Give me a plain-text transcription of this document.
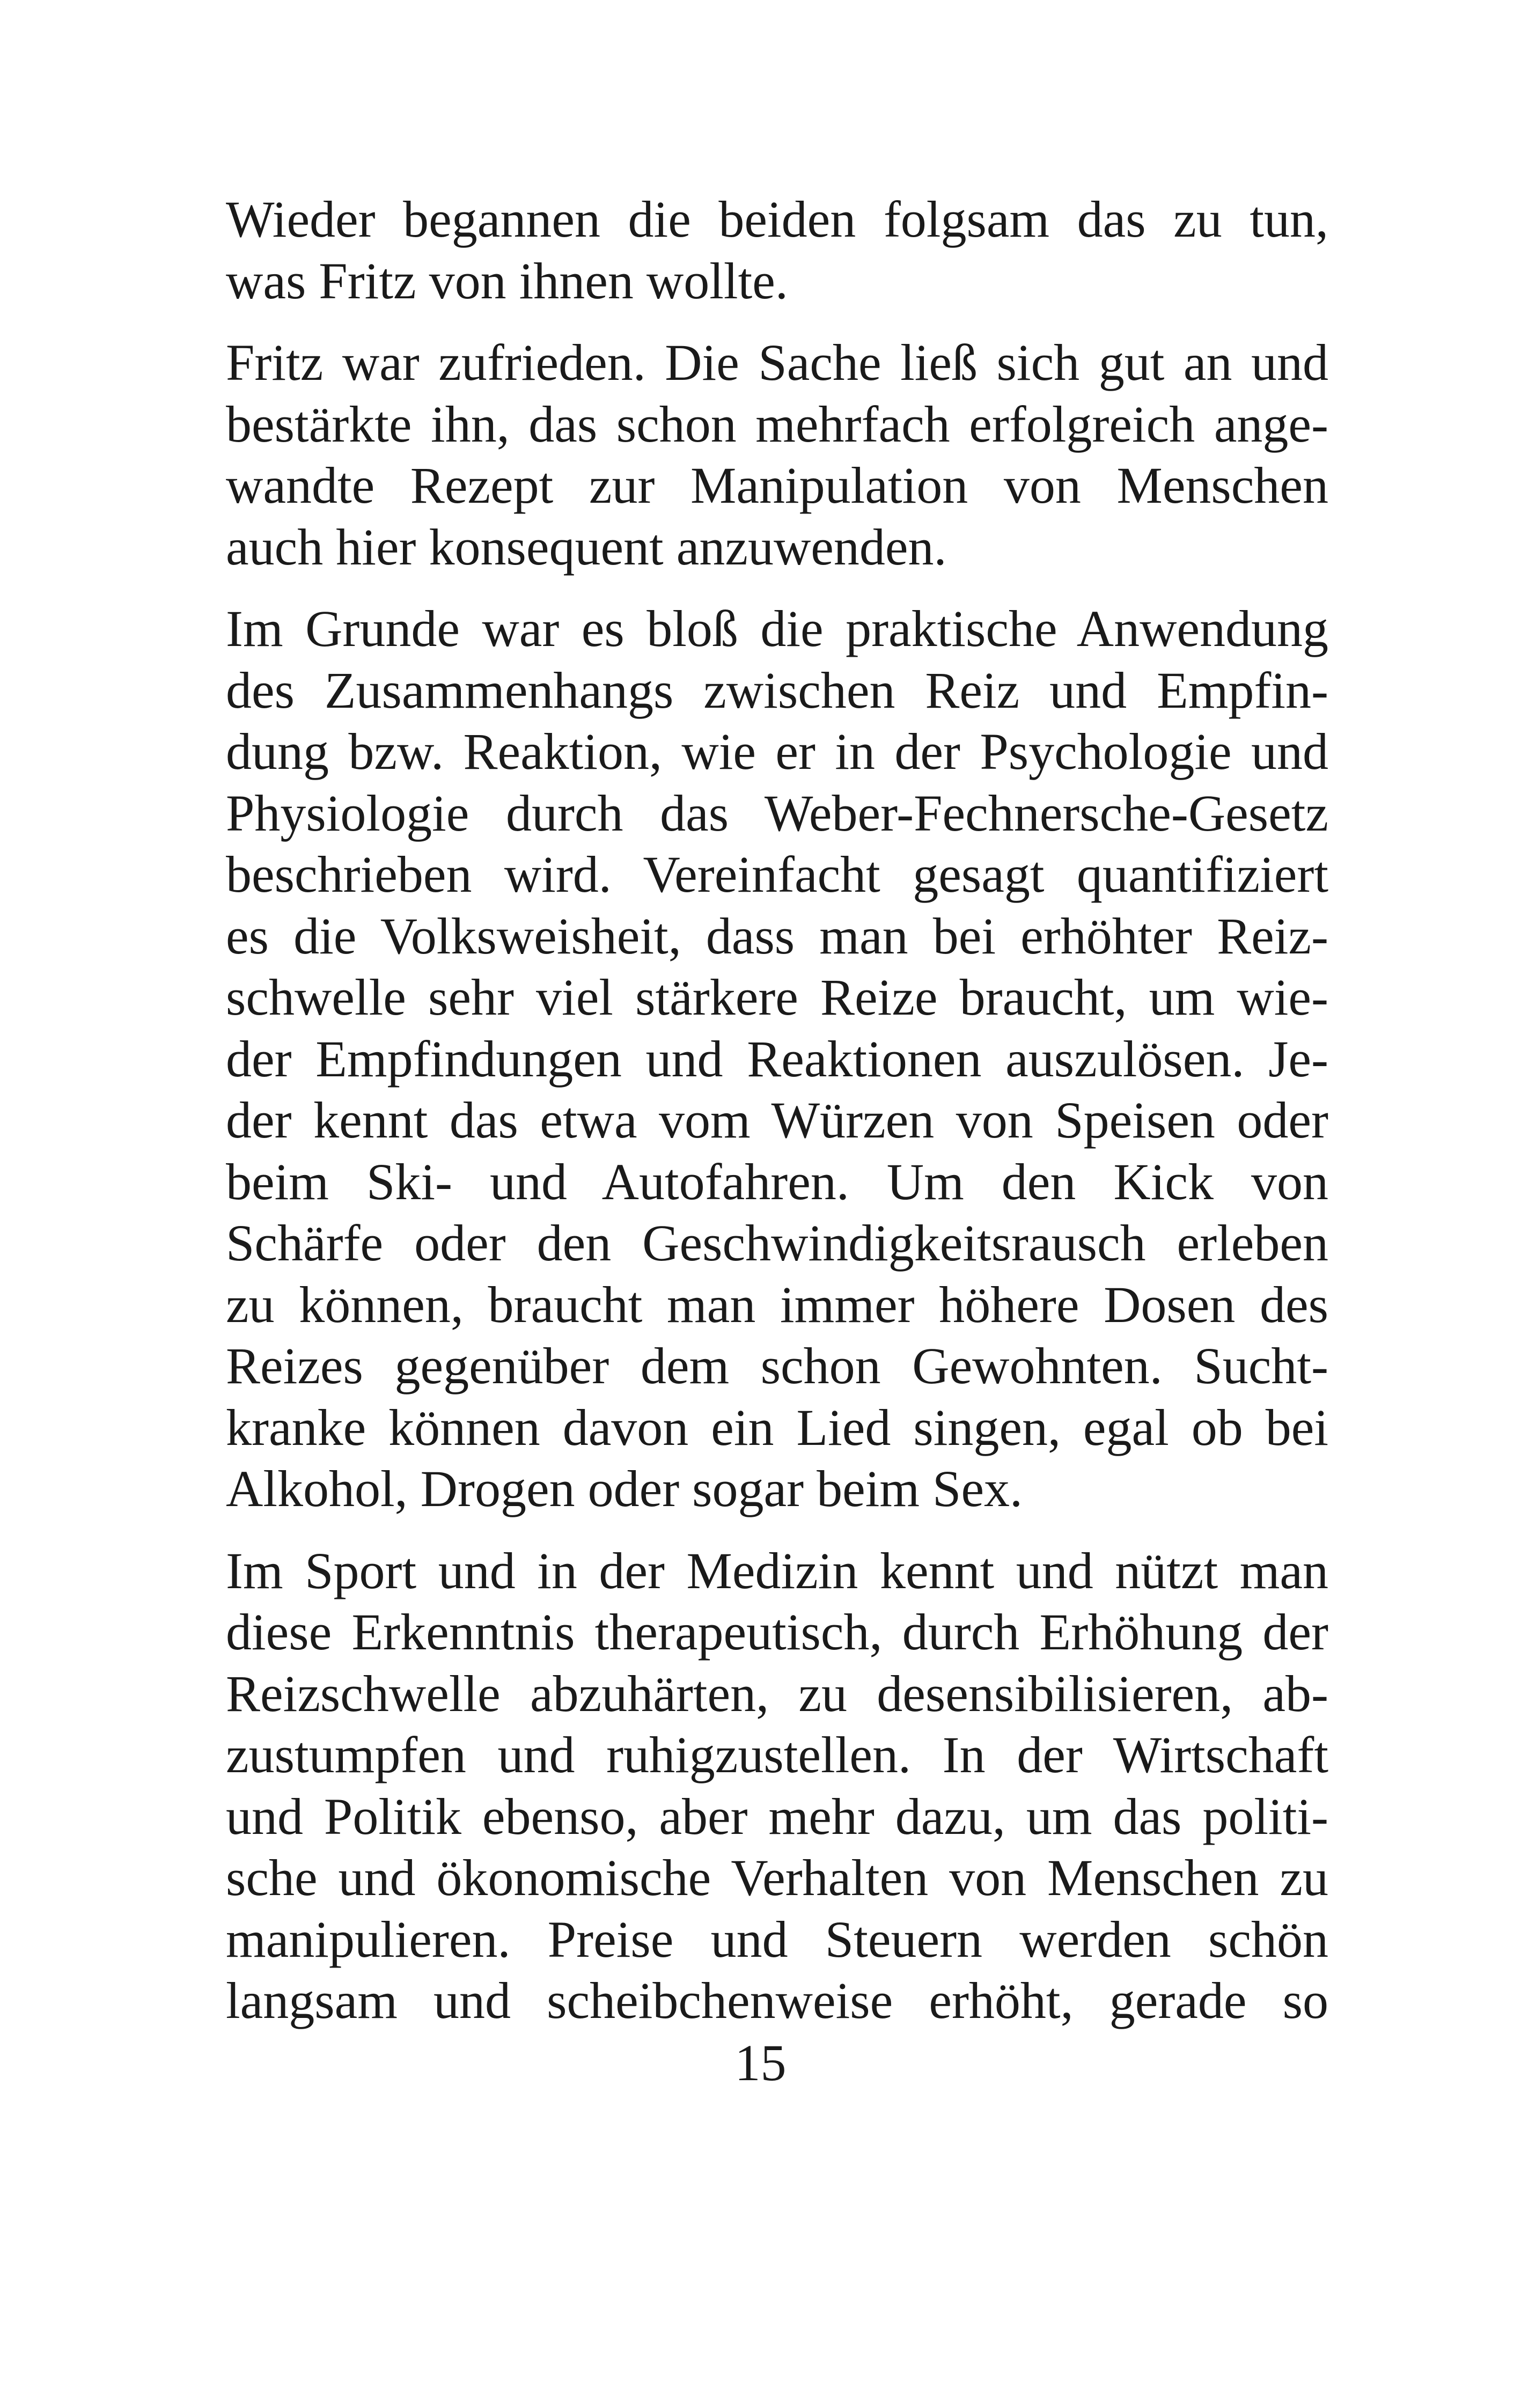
Wieder begannen die beiden folgsam das zu tun,
was Fritz von ihnen wollte.

Fritz war zufrieden. Die Sache ließ sich gut an und
bestärkte ihn, das schon mehrfach erfolgreich ange-
wandte Rezept zur Manipulation von Menschen
auch hier konsequent anzuwenden.

Im Grunde war es bloß die praktische Anwendung
des Zusammenhangs zwischen Reiz und Empfin-
dung bzw. Reaktion, wie er in der Psychologie und
Physiologie durch das Weber-Fechnersche-Gesetz
beschrieben wird. Vereinfacht gesagt quantifiziert
es die Volksweisheit, dass man bei erhöhter Reiz-
schwelle sehr viel stärkere Reize braucht, um wie-
der Empfindungen und Reaktionen auszulösen. Je-
der kennt das etwa vom Würzen von Speisen oder
beim Ski- und Autofahren. Um den Kick von
Schärfe oder den Geschwindigkeitsrausch erleben
zu können, braucht man immer höhere Dosen des
Reizes gegenüber dem schon Gewohnten. Sucht-
kranke können davon ein Lied singen, egal ob bei
Alkohol, Drogen oder sogar beim Sex.

Im Sport und in der Medizin kennt und nützt man
diese Erkenntnis therapeutisch, durch Erhöhung der
Reizschwelle abzuhärten, zu desensibilisieren, ab-
zustumpfen und ruhigzustellen. In der Wirtschaft
und Politik ebenso, aber mehr dazu, um das politi-
sche und ökonomische Verhalten von Menschen zu
manipulieren. Preise und Steuern werden schön
langsam und scheibchenweise erhöht, gerade so

15
